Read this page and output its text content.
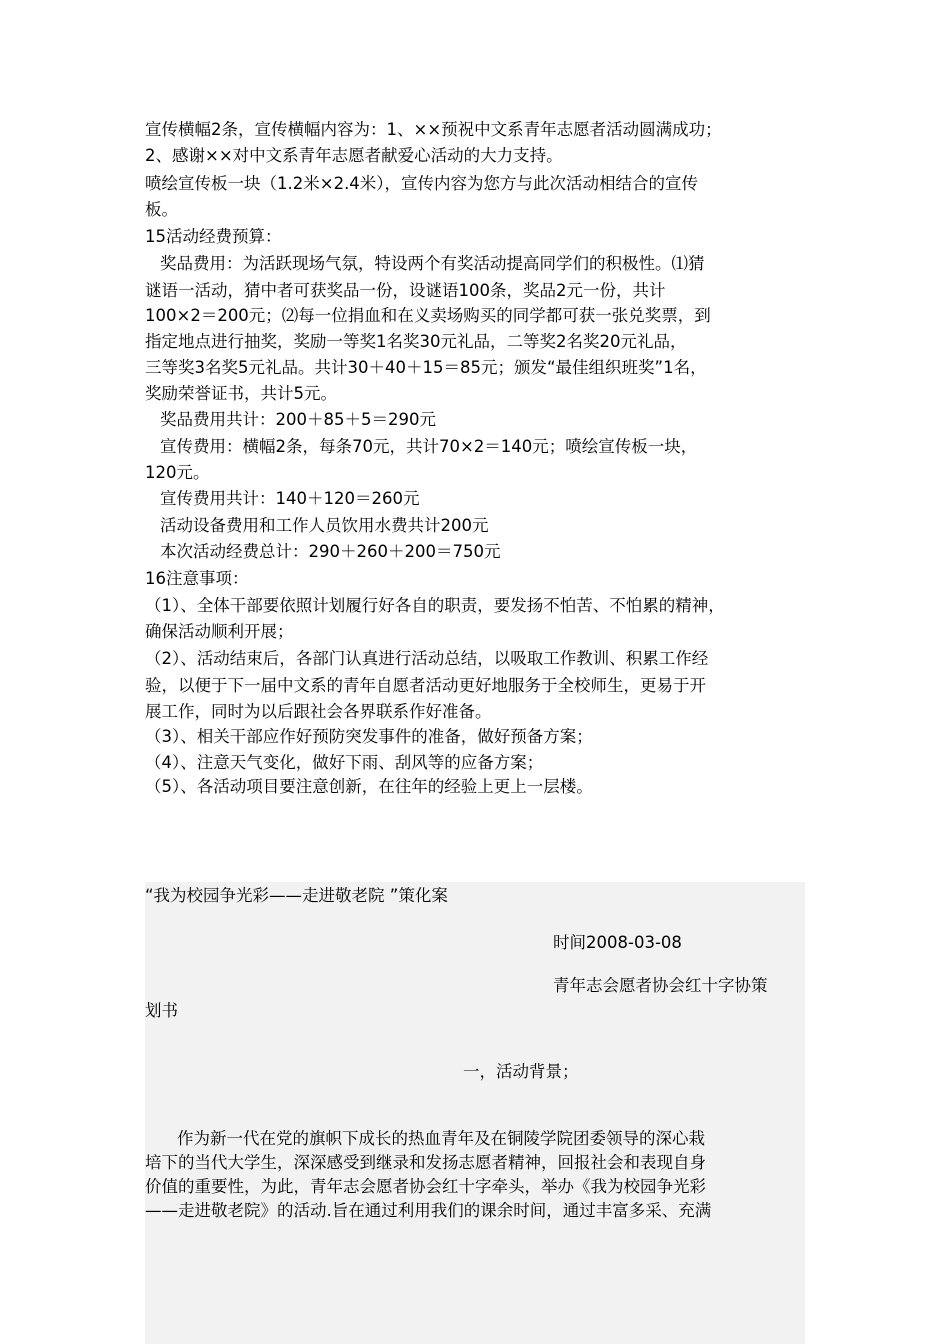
宣传横幅2条，宣传横幅内容为：1、××预祝中文系青年志愿者活动圆满成功；
2、感谢××对中文系青年志愿者献爱心活动的大力支持。
喷绘宣传板一块（1.2米×2.4米），宣传内容为您方与此次活动相结合的宣传
板。
15活动经费预算：
奖品费用：为活跃现场气氛，特设两个有奖活动提高同学们的积极性。⑴猜
谜语一活动，猜中者可获奖品一份，设谜语100条，奖品2元一份，共计
100×2＝200元；⑵每一位捐血和在义卖场购买的同学都可获一张兑奖票，到
指定地点进行抽奖，奖励一等奖1名奖30元礼品，二等奖2名奖20元礼品，
三等奖3名奖5元礼品。共计30＋40＋15＝85元；颁发“最佳组织班奖”1名，
奖励荣誉证书，共计5元。
奖品费用共计：200＋85＋5＝290元
宣传费用：横幅2条，每条70元，共计70×2＝140元；喷绘宣传板一块，
120元。
宣传费用共计：140＋120＝260元
活动设备费用和工作人员饮用水费共计200元
本次活动经费总计：290＋260＋200＝750元
16注意事项：
（1）、全体干部要依照计划履行好各自的职责，要发扬不怕苦、不怕累的精神，
确保活动顺利开展；
（2）、活动结束后，各部门认真进行活动总结，以吸取工作教训、积累工作经
验，以便于下一届中文系的青年自愿者活动更好地服务于全校师生，更易于开
展工作，同时为以后跟社会各界联系作好准备。
（3）、相关干部应作好预防突发事件的准备，做好预备方案；
（4）、注意天气变化，做好下雨、刮风等的应备方案；
（5）、各活动项目要注意创新，在往年的经验上更上一层楼。
“我为校园争光彩——走进敬老院 ”策化案
时间2008-03-08
青年志会愿者协会红十字协策
划书
一，活动背景；
作为新一代在党的旗帜下成长的热血青年及在铜陵学院团委领导的深心栽
培下的当代大学生，深深感受到继录和发扬志愿者精神，回报社会和表现自身
价值的重要性，为此，青年志会愿者协会红十字牵头，举办《我为校园争光彩
——走进敬老院》的活动.旨在通过利用我们的课余时间，通过丰富多采、充满
